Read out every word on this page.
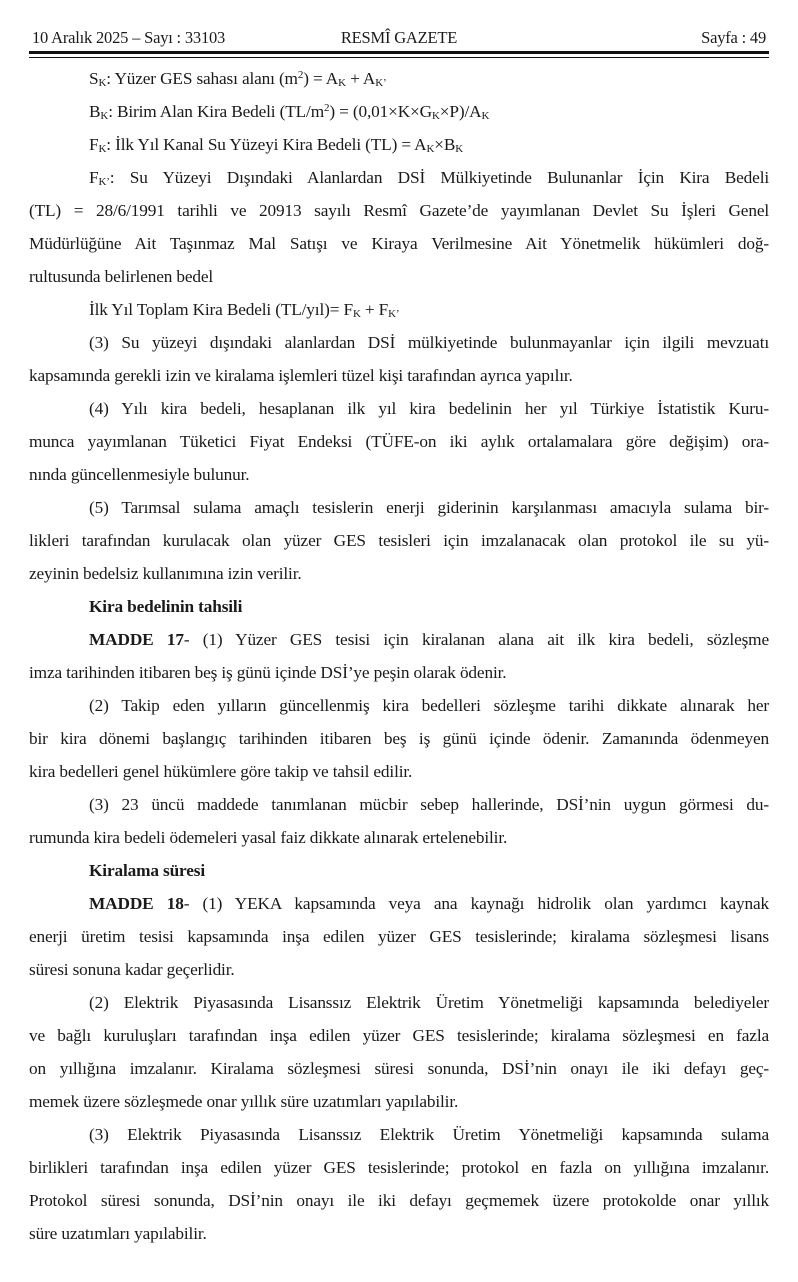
10 Aralık 2025 – Sayı : 33103	RESMÎ GAZETE	Sayfa : 49
$S_K$: Yüzer GES sahası alanı $(m^2) = A_K + A_{K’}$
$B_K$: Birim Alan Kira Bedeli $(TL/m^2) = (0,01\times K\times G_K\times P)/A_K$
$F_K$: İlk Yıl Kanal Su Yüzeyi Kira Bedeli $(TL) = A_K\times B_K$
$F_{K’}$: Su Yüzeyi Dışındaki Alanlardan DSİ Mülkiyetinde Bulunanlar İçin Kira Bedeli
(TL) = 28/6/1991 tarihli ve 20913 sayılı Resmî Gazete’de yayımlanan Devlet Su İşleri Genel
Müdürlüğüne Ait Taşınmaz Mal Satışı ve Kiraya Verilmesine Ait Yönetmelik hükümleri doğ-
rultusunda belirlenen bedel
İlk Yıl Toplam Kira Bedeli (TL/yıl)= $F_K + F_{K’}$
(3) Su yüzeyi dışındaki alanlardan DSİ mülkiyetinde bulunmayanlar için ilgili mevzuatı
kapsamında gerekli izin ve kiralama işlemleri tüzel kişi tarafından ayrıca yapılır.
(4) Yılı kira bedeli, hesaplanan ilk yıl kira bedelinin her yıl Türkiye İstatistik Kuru-
munca yayımlanan Tüketici Fiyat Endeksi (TÜFE-on iki aylık ortalamalara göre değişim) ora-
nında güncellenmesiyle bulunur.
(5) Tarımsal sulama amaçlı tesislerin enerji giderinin karşılanması amacıyla sulama bir-
likleri tarafından kurulacak olan yüzer GES tesisleri için imzalanacak olan protokol ile su yü-
zeyinin bedelsiz kullanımına izin verilir.
Kira bedelinin tahsili
MADDE 17- (1) Yüzer GES tesisi için kiralanan alana ait ilk kira bedeli, sözleşme
imza tarihinden itibaren beş iş günü içinde DSİ’ye peşin olarak ödenir.
(2) Takip eden yılların güncellenmiş kira bedelleri sözleşme tarihi dikkate alınarak her
bir kira dönemi başlangıç tarihinden itibaren beş iş günü içinde ödenir. Zamanında ödenmeyen
kira bedelleri genel hükümlere göre takip ve tahsil edilir.
(3) 23 üncü maddede tanımlanan mücbir sebep hallerinde, DSİ’nin uygun görmesi du-
rumunda kira bedeli ödemeleri yasal faiz dikkate alınarak ertelenebilir.
Kiralama süresi
MADDE 18- (1) YEKA kapsamında veya ana kaynağı hidrolik olan yardımcı kaynak
enerji üretim tesisi kapsamında inşa edilen yüzer GES tesislerinde; kiralama sözleşmesi lisans
süresi sonuna kadar geçerlidir.
(2) Elektrik Piyasasında Lisanssız Elektrik Üretim Yönetmeliği kapsamında belediyeler
ve bağlı kuruluşları tarafından inşa edilen yüzer GES tesislerinde; kiralama sözleşmesi en fazla
on yıllığına imzalanır. Kiralama sözleşmesi süresi sonunda, DSİ’nin onayı ile iki defayı geç-
memek üzere sözleşmede onar yıllık süre uzatımları yapılabilir.
(3) Elektrik Piyasasında Lisanssız Elektrik Üretim Yönetmeliği kapsamında sulama
birlikleri tarafından inşa edilen yüzer GES tesislerinde; protokol en fazla on yıllığına imzalanır.
Protokol süresi sonunda, DSİ’nin onayı ile iki defayı geçmemek üzere protokolde onar yıllık
süre uzatımları yapılabilir.
